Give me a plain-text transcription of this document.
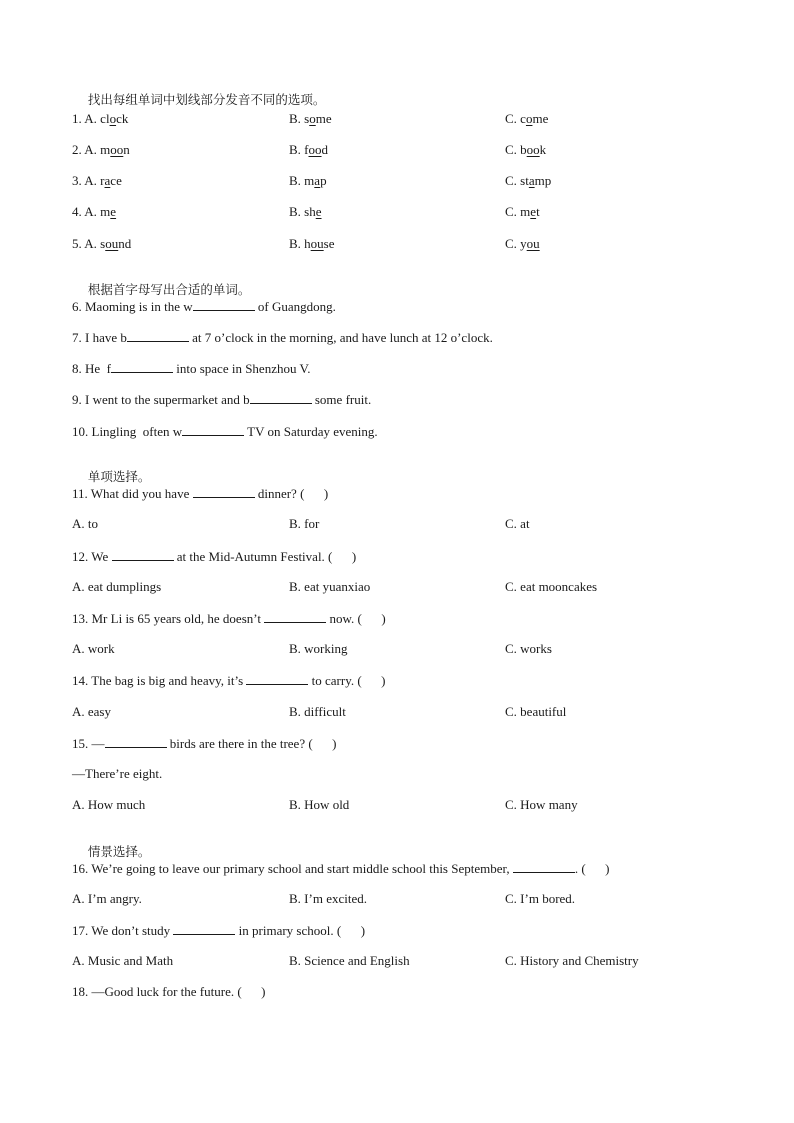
找出每组单词中划线部分发音不同的选项。

1. A. clock	B. some	C. come
2. A. moon	B. food	C. book
3. A. race	B. map	C. stamp
4. A. me	B. she	C. met
5. A. sound	B. house	C. you

根据首字母写出合适的单词。

6. Maoming is in the w	of Guangdong.
7. I have b	at 7 o’clock in the morning, and have lunch at 12 o’clock.
8. He  f	into space in Shenzhou V.
9. I went to the supermarket and b	some fruit.
10. Lingling  often w	TV on Saturday evening.

单项选择。

11. What did you have	dinner? (      )
A. to	B. for	C. at
12. We	at the Mid-Autumn Festival. (      )
A. eat dumplings	B. eat yuanxiao	C. eat mooncakes
13. Mr Li is 65 years old, he doesn’t	now. (      )
A. work	B. working	C. works
14. The bag is big and heavy, it’s	to carry. (      )
A. easy	B. difficult	C. beautiful
15. —	birds are there in the tree? (      )
—There’re eight.
A. How much	B. How old	C. How many

情景选择。

16. We’re going to leave our primary school and start middle school this September,	. (      )
A. I’m angry.	B. I’m excited.	C. I’m bored.
17. We don’t study	in primary school. (      )
A. Music and Math	B. Science and English	C. History and Chemistry
18. —Good luck for the future. (      )
